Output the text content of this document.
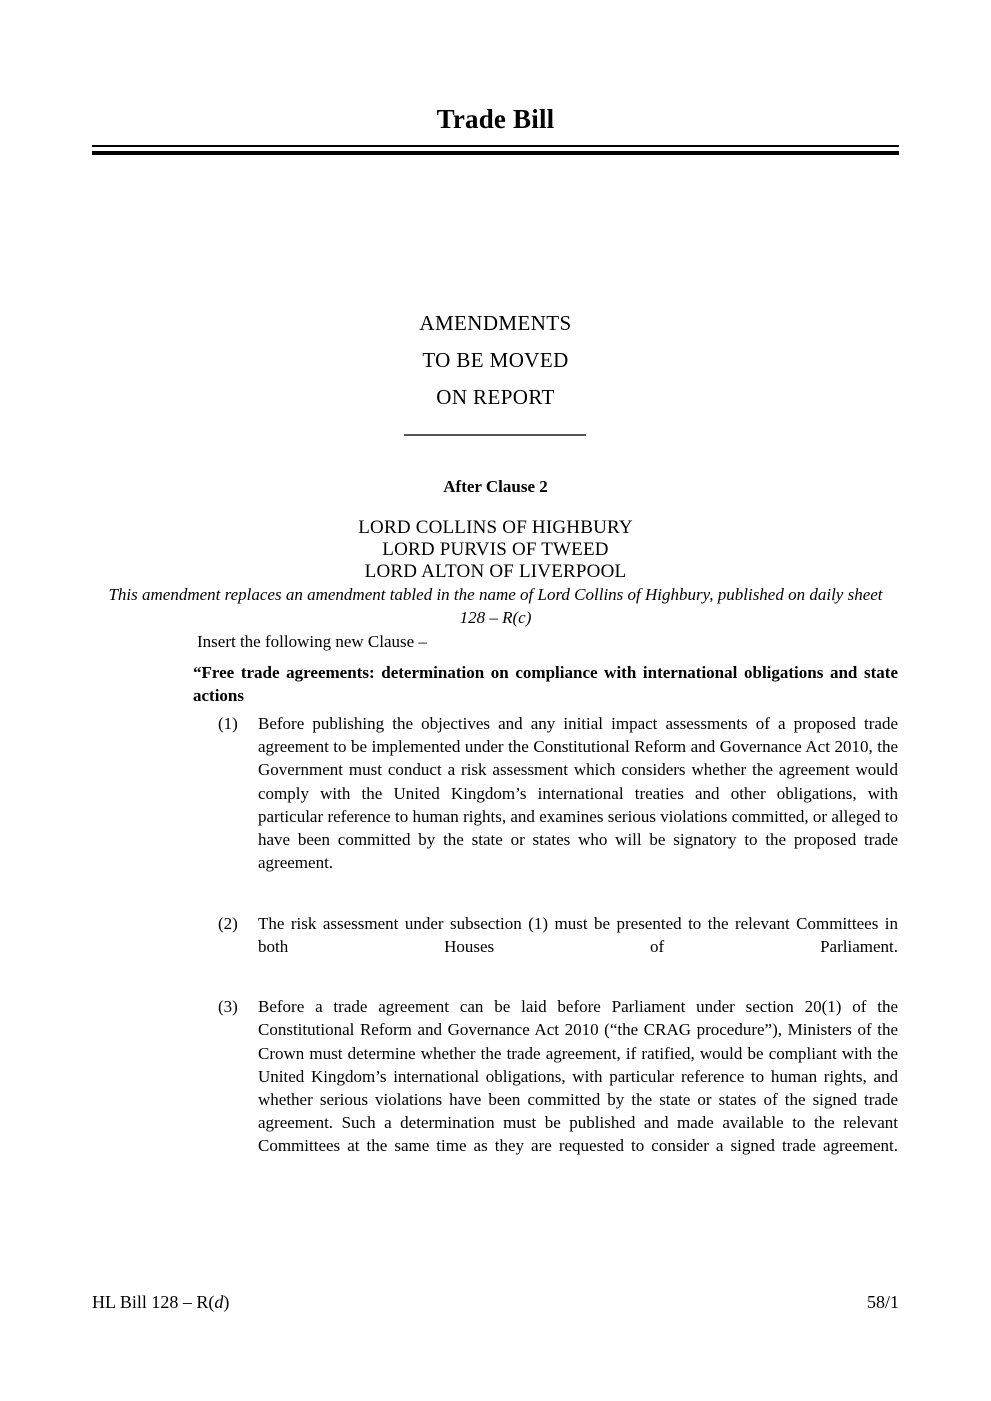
Trade Bill
AMENDMENTS
TO BE MOVED
ON REPORT
After Clause 2
LORD COLLINS OF HIGHBURY
LORD PURVIS OF TWEED
LORD ALTON OF LIVERPOOL
This amendment replaces an amendment tabled in the name of Lord Collins of Highbury, published on daily sheet 128 – R(c)
Insert the following new Clause –
“Free trade agreements: determination on compliance with international obligations and state actions
(1)	Before publishing the objectives and any initial impact assessments of a proposed trade agreement to be implemented under the Constitutional Reform and Governance Act 2010, the Government must conduct a risk assessment which considers whether the agreement would comply with the United Kingdom’s international treaties and other obligations, with particular reference to human rights, and examines serious violations committed, or alleged to have been committed by the state or states who will be signatory to the proposed trade agreement.
(2)	The risk assessment under subsection (1) must be presented to the relevant Committees in both Houses of Parliament.
(3)	Before a trade agreement can be laid before Parliament under section 20(1) of the Constitutional Reform and Governance Act 2010 (“the CRAG procedure”), Ministers of the Crown must determine whether the trade agreement, if ratified, would be compliant with the United Kingdom’s international obligations, with particular reference to human rights, and whether serious violations have been committed by the state or states of the signed trade agreement. Such a determination must be published and made available to the relevant Committees at the same time as they are requested to consider a signed trade agreement.
HL Bill 128 – R(d)	58/1
